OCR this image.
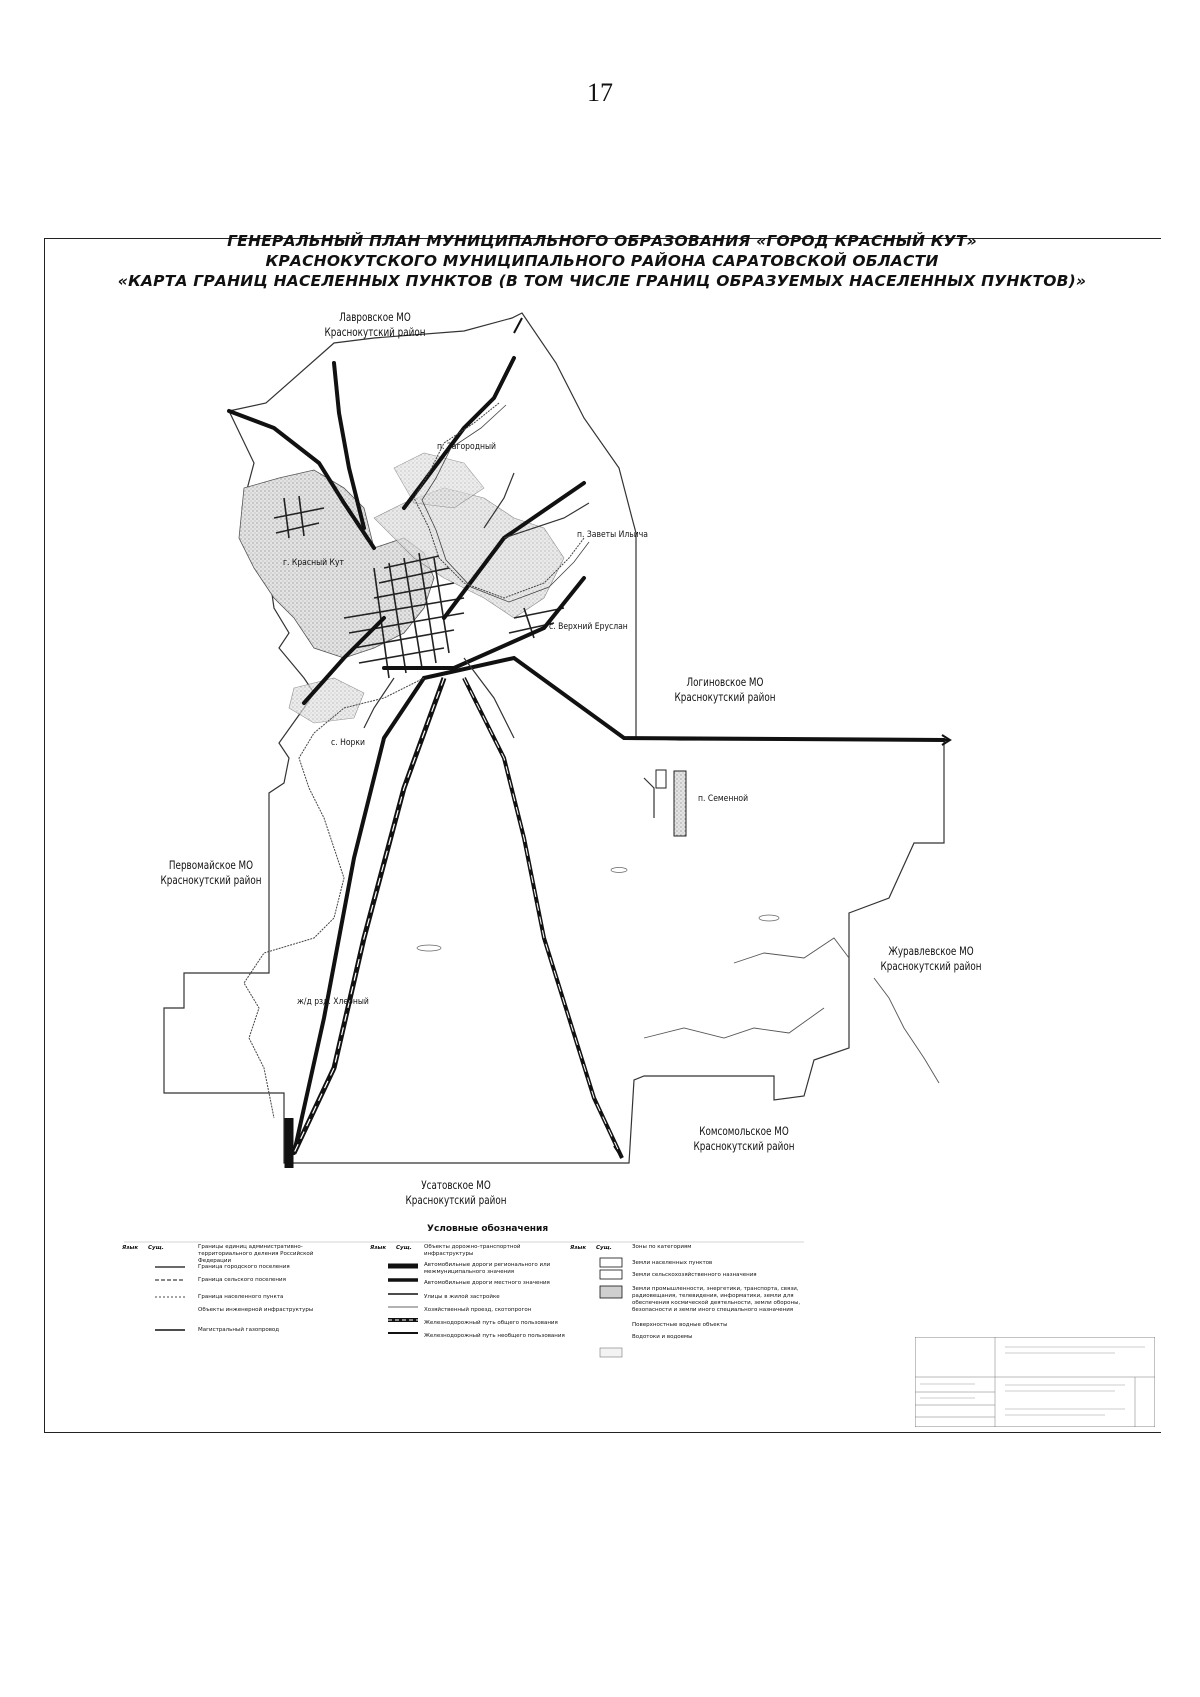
17
ГЕНЕРАЛЬНЫЙ ПЛАН МУНИЦИПАЛЬНОГО ОБРАЗОВАНИЯ «ГОРОД КРАСНЫЙ КУТ»
КРАСНОКУТСКОГО МУНИЦИПАЛЬНОГО РАЙОНА САРАТОВСКОЙ ОБЛАСТИ
«КАРТА ГРАНИЦ НАСЕЛЕННЫХ ПУНКТОВ (В ТОМ ЧИСЛЕ ГРАНИЦ ОБРАЗУЕМЫХ НАСЕЛЕННЫХ ПУНКТОВ)»
Лавровское МО
Краснокутский район
Логиновское МО
Краснокутский район
Первомайское МО
Краснокутский район
Журавлевское МО
Краснокутский район
Комсомольское МО
Краснокутский район
Усатовское МО
Краснокутский район
п. Загородный
г. Красный Кут
п. Заветы Ильича
с. Верхний Еруслан
с. Норки
п. Семенной
ж/д рзд. Хлебный
Условные обозначения
Язык Сущ.	Границы единиц административно-территориального деления Российской Федерации
Граница городского поселения
Граница сельского поселения
Граница населенного пункта
Объекты инженерной инфраструктуры
Магистральный газопровод
Язык Сущ. Объекты дорожно-транспортной инфраструктуры
Автомобильные дороги регионального или межмуниципального значения
Автомобильные дороги местного значения
Улицы в жилой застройке
Хозяйственный проезд, скотопрогон
Железнодорожный путь общего пользования
Железнодорожный путь необщего пользования
Язык Сущ.	Зоны по категориям
Земли населенных пунктов
Земли сельскохозяйственного назначения
Земли промышленности, энергетики, транспорта, связи, радиовещания, телевидения, информатики, земли для обеспечения космической деятельности, земли обороны, безопасности и земли иного специального назначения
Поверхностные водные объекты
Водотоки и водоемы
